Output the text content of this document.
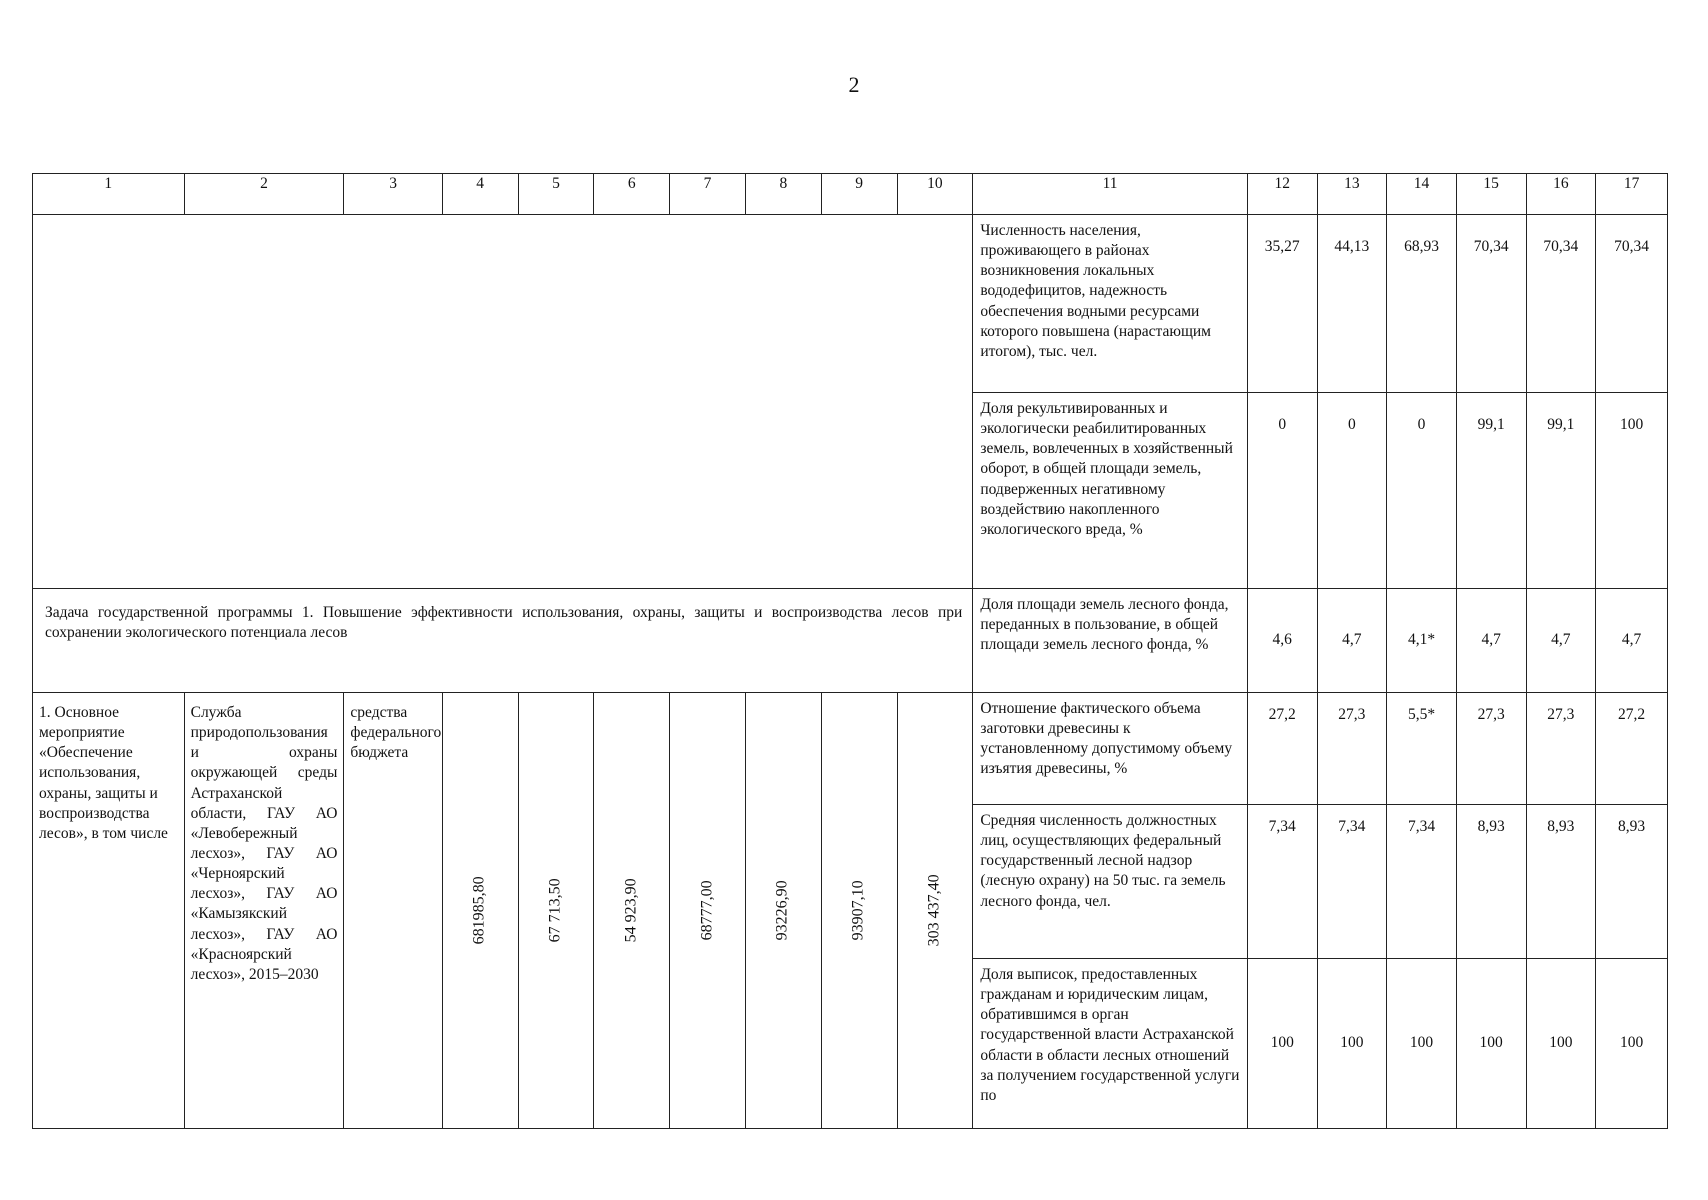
2
1	2	3	4	5	6	7	8	9	10	11	12	13	14	15	16	17
										Численность населения, проживающего в районах возникновения локальных вододефицитов, надежность обеспечения водными ресурсами которого повышена (нарастающим итогом), тыс. чел.	35,27	44,13	68,93	70,34	70,34	70,34
										Доля рекультивированных и экологически реабилитированных земель, вовлеченных в хозяйственный оборот, в общей площади земель, подверженных негативному воздействию накопленного экологического вреда, %	0	0	0	99,1	99,1	100
Задача государственной программы 1. Повышение эффективности использования, охраны, защиты и воспроизводства лесов при сохранении экологического потенциала лесов										Доля площади земель лесного фонда, переданных в пользование, в общей площади земель лесного фонда, %	4,6	4,7	4,1*	4,7	4,7	4,7
1. Основное мероприятие «Обеспечение использования, охраны, защиты и воспроизводства лесов», в том числе	Служба природопользования и охраны окружающей среды Астраханской области, ГАУ АО «Левобережный лесхоз», ГАУ АО «Черноярский лесхоз», ГАУ АО «Камызякский лесхоз», ГАУ АО «Красноярский лесхоз», 2015–2030	средства федерального бюджета	681985,80	67 713,50	54 923,90	68777,00	93226,90	93907,10	303 437,40	Отношение фактического объема заготовки древесины к установленному допустимому объему изъятия древесины, %	27,2	27,3	5,5*	27,3	27,3	27,2
										Средняя численность должностных лиц, осуществляющих федеральный государственный лесной надзор (лесную охрану) на 50 тыс. га земель лесного фонда, чел.	7,34	7,34	7,34	8,93	8,93	8,93
										Доля выписок, предоставленных гражданам и юридическим лицам, обратившимся в орган государственной власти Астраханской области в области лесных отношений за получением государственной услуги по	100	100	100	100	100	100
